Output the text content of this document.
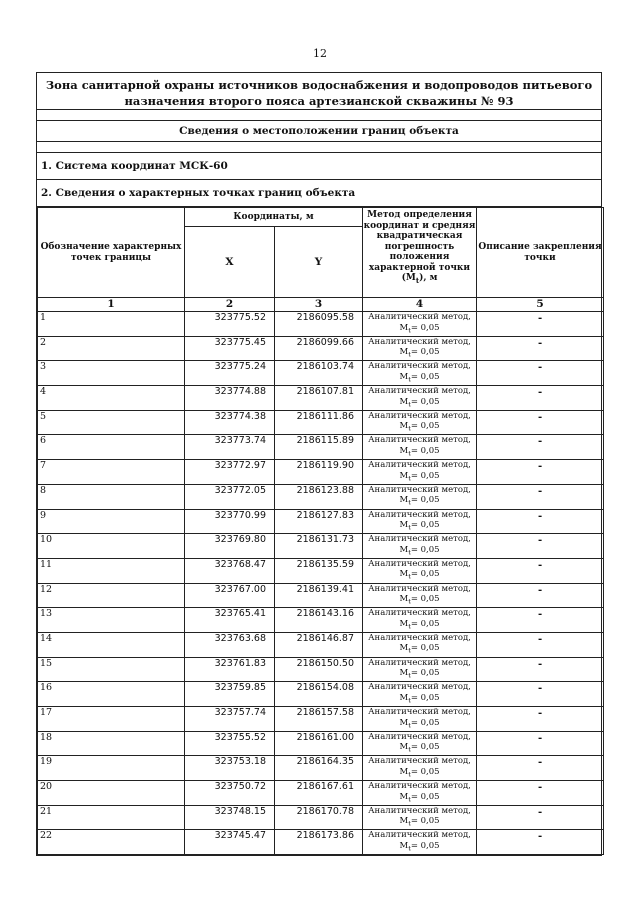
12
Зона санитарной охраны источников водоснабжения и водопроводов питьевого назначения второго пояса артезианской скважины № 93
Сведения о местоположении границ объекта
1. Система координат МСК-60
2. Сведения о характерных точках границ объекта
Обозначение характерных точек границы	Координаты, м		Метод определения координат и средняя квадратическая погрешность положения характерной точки $(M_t)$, м	Описание закрепления точки
	X	Y		
1	2	3	4	5
1	323775.52	2186095.58	Аналитический метод,
$M_t= 0,05$	-
2	323775.45	2186099.66	Аналитический метод,
$M_t= 0,05$	-
3	323775.24	2186103.74	Аналитический метод,
$M_t= 0,05$	-
4	323774.88	2186107.81	Аналитический метод,
$M_t= 0,05$	-
5	323774.38	2186111.86	Аналитический метод,
$M_t= 0,05$	-
6	323773.74	2186115.89	Аналитический метод,
$M_t= 0,05$	-
7	323772.97	2186119.90	Аналитический метод,
$M_t= 0,05$	-
8	323772.05	2186123.88	Аналитический метод,
$M_t= 0,05$	-
9	323770.99	2186127.83	Аналитический метод,
$M_t= 0,05$	-
10	323769.80	2186131.73	Аналитический метод,
$M_t= 0,05$	-
11	323768.47	2186135.59	Аналитический метод,
$M_t= 0,05$	-
12	323767.00	2186139.41	Аналитический метод,
$M_t= 0,05$	-
13	323765.41	2186143.16	Аналитический метод,
$M_t= 0,05$	-
14	323763.68	2186146.87	Аналитический метод,
$M_t= 0,05$	-
15	323761.83	2186150.50	Аналитический метод,
$M_t= 0,05$	-
16	323759.85	2186154.08	Аналитический метод,
$M_t= 0,05$	-
17	323757.74	2186157.58	Аналитический метод,
$M_t= 0,05$	-
18	323755.52	2186161.00	Аналитический метод,
$M_t= 0,05$	-
19	323753.18	2186164.35	Аналитический метод,
$M_t= 0,05$	-
20	323750.72	2186167.61	Аналитический метод,
$M_t= 0,05$	-
21	323748.15	2186170.78	Аналитический метод,
$M_t= 0,05$	-
22	323745.47	2186173.86	Аналитический метод,
$M_t= 0,05$	-
